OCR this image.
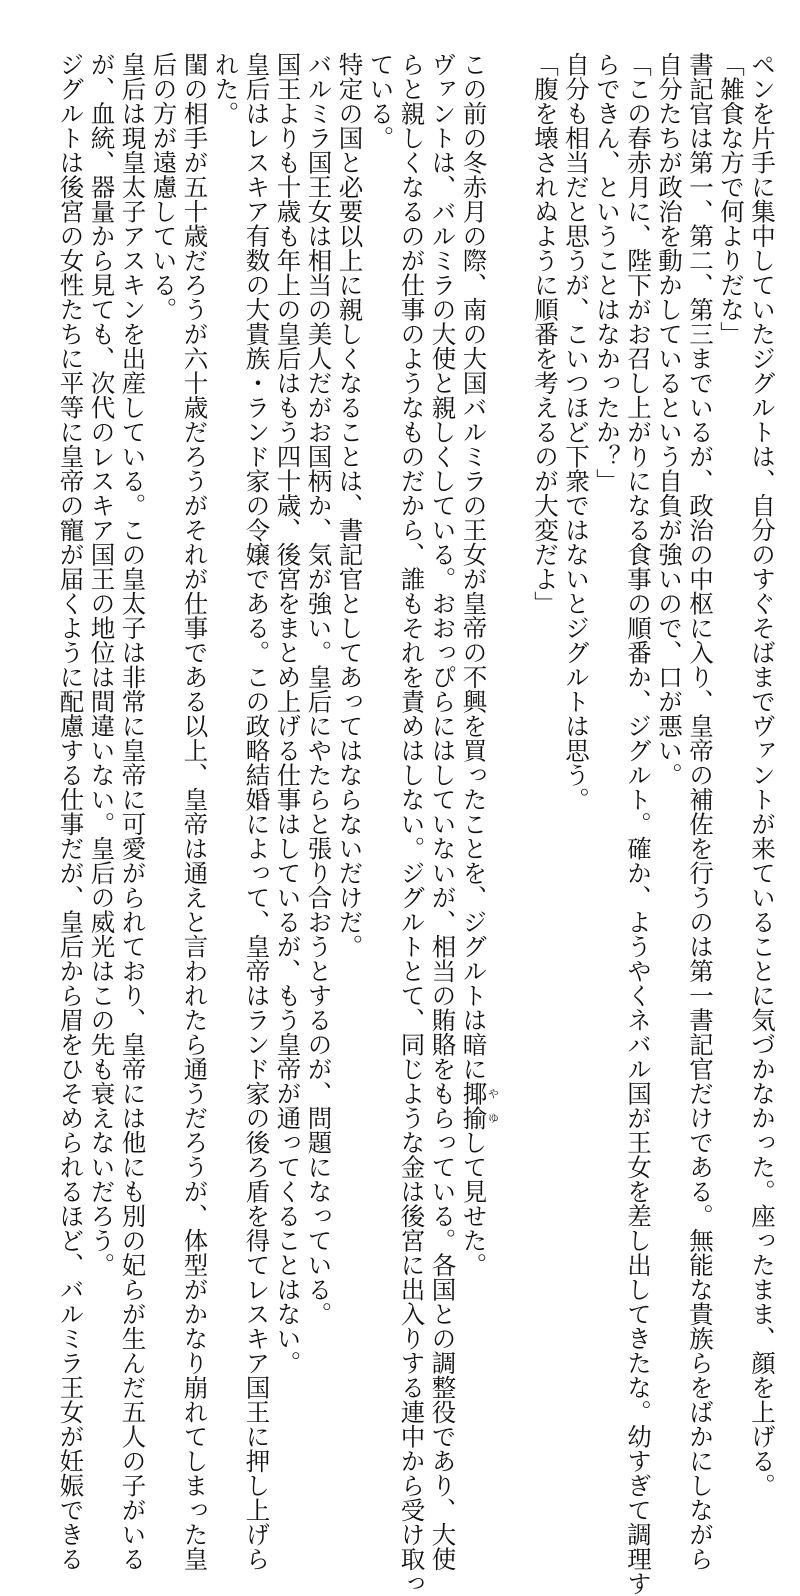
ペンを片手に集中していたジグルトは、自分のすぐそばまでヴァントが来ていることに気づかなかった。座ったまま、顔を上げる。
「雑食な方で何よりだな」
書記官は第一、第二、第三までいるが、政治の中枢に入り、皇帝の補佐を行うのは第一書記官だけである。無能な貴族らをばかにしながら
自分たちが政治を動かしているという自負が強いので、口が悪い。
「この春赤月に、陛下がお召し上がりになる食事の順番か、ジグルト。確か、ようやくネバル国が王女を差し出してきたな。幼すぎて調理す
らできん、ということはなかったか？」
自分も相当だと思うが、こいつほど下衆ではないとジグルトは思う。
「腹を壊されぬように順番を考えるのが大変だよ」
この前の冬赤月の際、南の大国バルミラの王女が皇帝の不興を買ったことを、ジグルトは暗に揶揄やゆして見せた。
ヴァントは、バルミラの大使と親しくしている。おおっぴらにはしていないが、相当の賄賂をもらっている。各国との調整役であり、大使
らと親しくなるのが仕事のようなものだから、誰もそれを責めはしない。ジグルトとて、同じような金は後宮に出入りする連中から受け取っ
ている。
特定の国と必要以上に親しくなることは、書記官としてあってはならないだけだ。
バルミラ国王女は相当の美人だがお国柄か、気が強い。皇后にやたらと張り合おうとするのが、問題になっている。
国王よりも十歳も年上の皇后はもう四十歳、後宮をまとめ上げる仕事はしているが、もう皇帝が通ってくることはない。
皇后はレスキア有数の大貴族・ランド家の令嬢である。この政略結婚によって、皇帝はランド家の後ろ盾を得てレスキア国王に押し上げら
れた。
閨の相手が五十歳だろうが六十歳だろうがそれが仕事である以上、皇帝は通えと言われたら通うだろうが、体型がかなり崩れてしまった皇
后の方が遠慮している。
皇后は現皇太子アスキンを出産している。この皇太子は非常に皇帝に可愛がられており、皇帝には他にも別の妃らが生んだ五人の子がいる
が、血統、器量から見ても、次代のレスキア国王の地位は間違いない。皇后の威光はこの先も衰えないだろう。
ジグルトは後宮の女性たちに平等に皇帝の寵が届くように配慮する仕事だが、皇后から眉をひそめられるほど、バルミラ王女が妊娠できる
